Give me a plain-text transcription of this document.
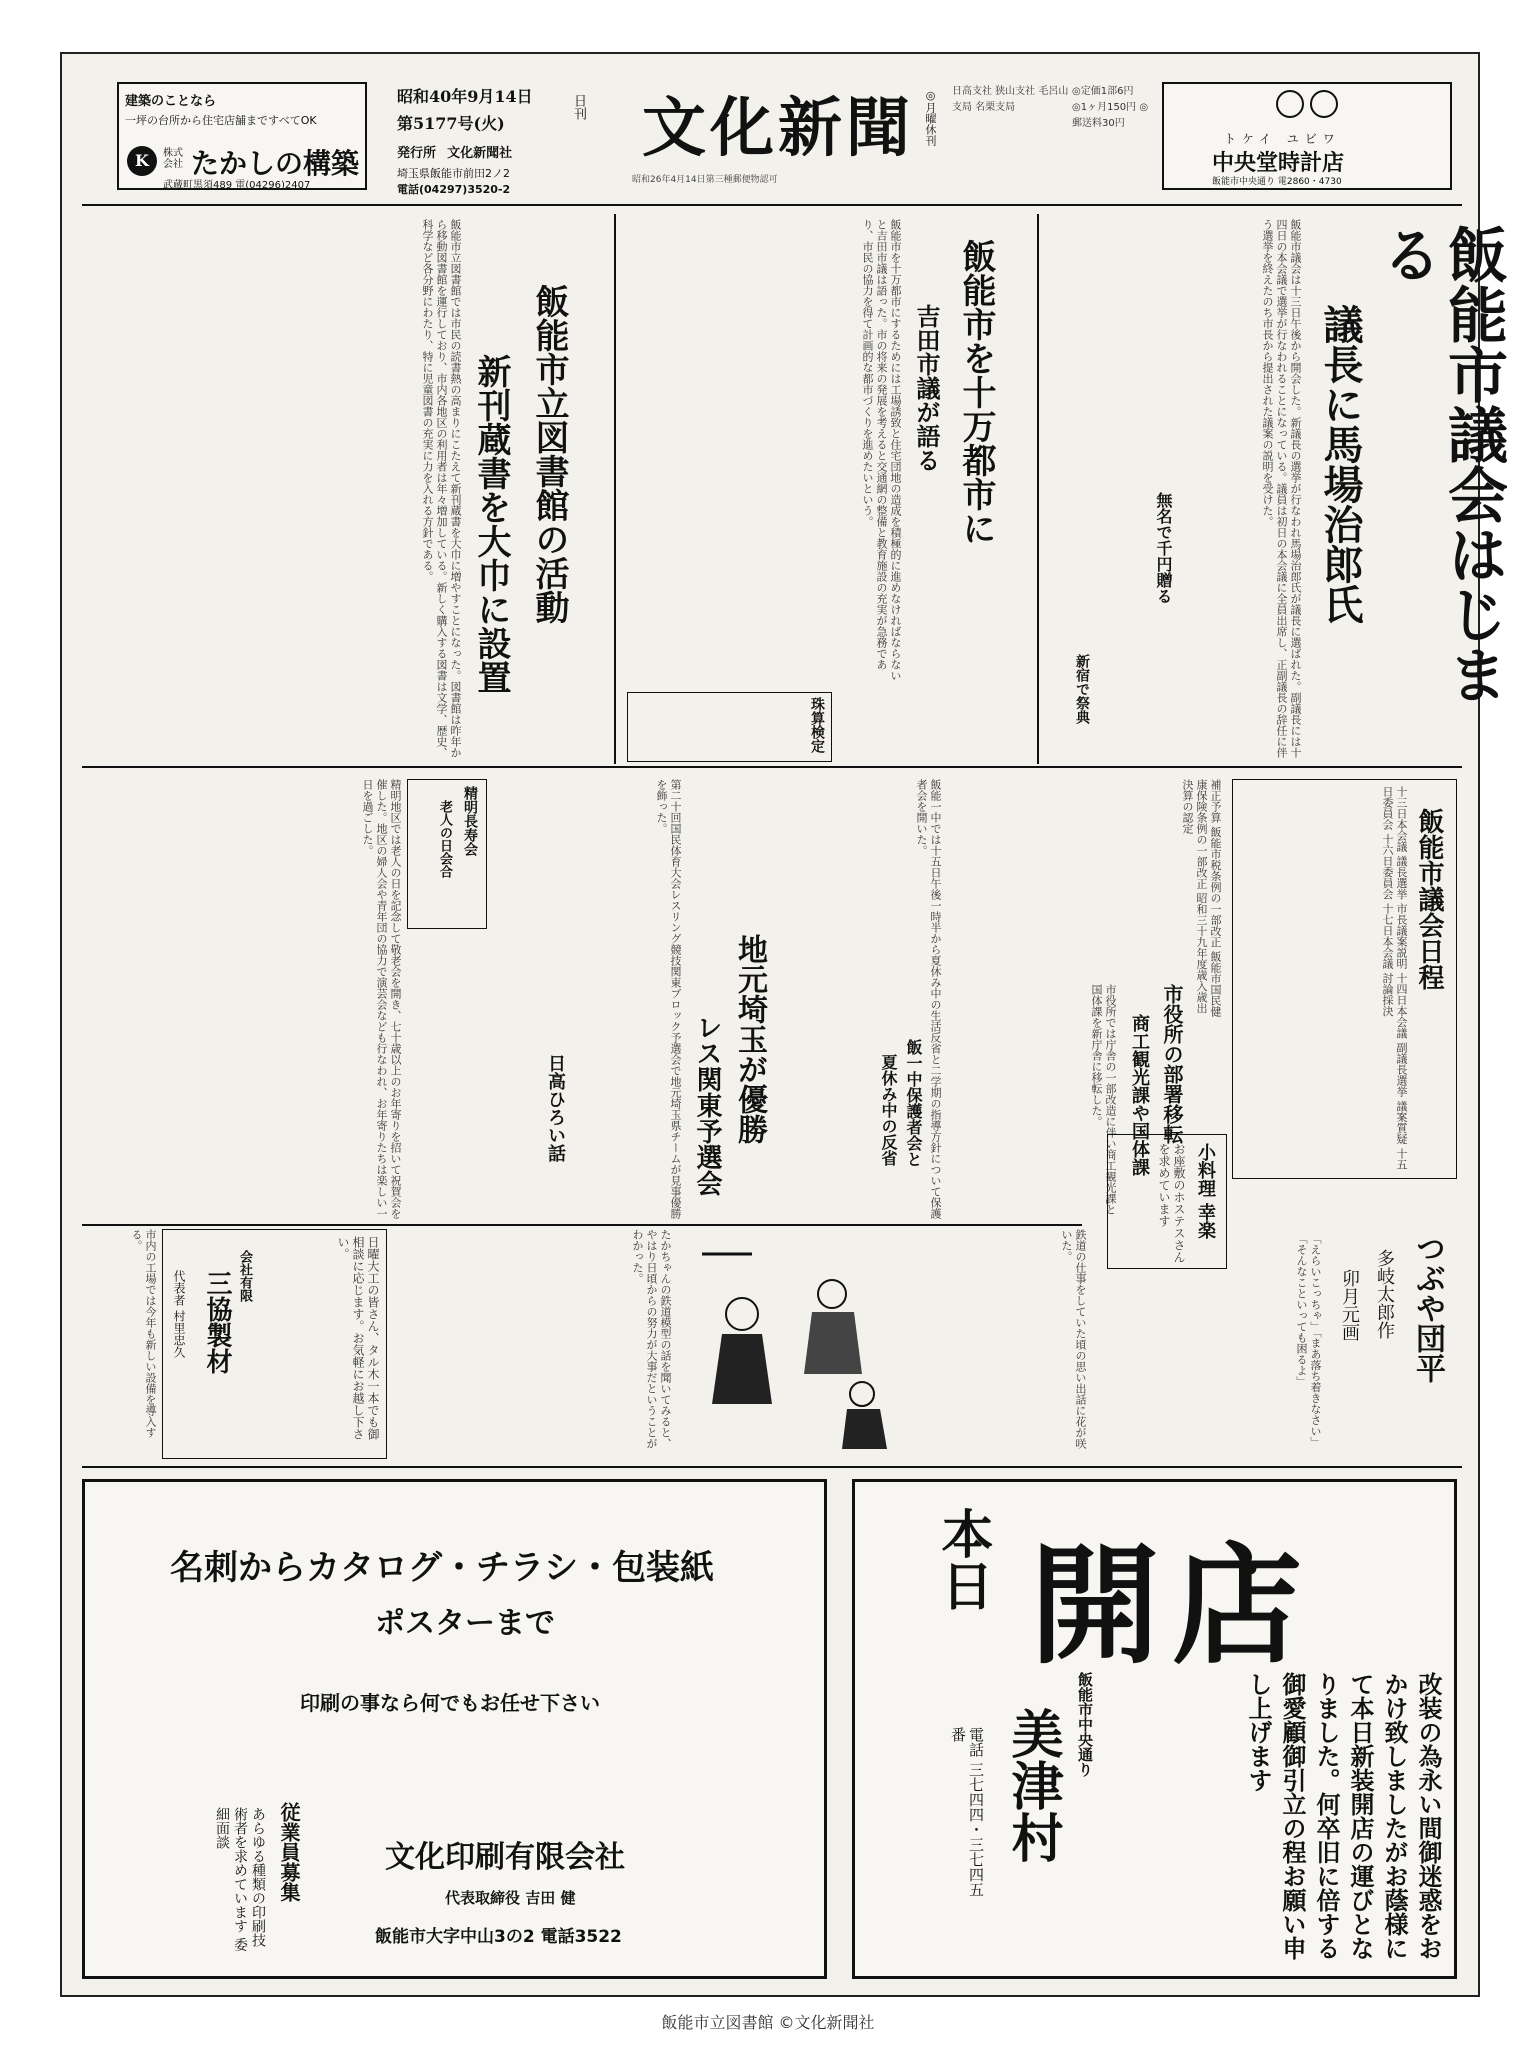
建築のことなら
一坪の台所から住宅店舗まですべてOK
K	株式会社 たかしの構築
武蔵町黒須489 電(04296)2407
昭和40年9月14日
第5177号(火)
発行所 文化新聞社
埼玉県飯能市前田2ノ2
電話(04297)3520-2
日刊 文化新聞
昭和26年4月14日第三種郵便物認可
◎月曜休刊 日高支社 狭山支社 毛呂山支局 名栗支局
◎定価1部6円 ◎1ヶ月150円 ◎郵送料30円
トケイ ユビワ
中央堂時計店
飯能市中央通り 電2860・4730
飯能市議会はじまる
議長に馬場治郎氏
飯能市議会は十三日午後から開会した。新議長の選挙が行なわれ馬場治郎氏が議長に選ばれた。副議長には十四日の本会議で選挙が行なわれることになっている。議員は初日の本会議に全員出席し、正副議長の辞任に伴う選挙を終えたのち市長から提出された議案の説明を受けた。
無名で千円贈る
新宿で祭典
飯能市を十万都市に
吉田市議が語る
飯能市を十万都市にするためには工場誘致と住宅団地の造成を積極的に進めなければならないと吉田市議は語った。市の将来の発展を考えると交通網の整備と教育施設の充実が急務であり、市民の協力を得て計画的な都市づくりを進めたいという。
珠算検定
飯能市立図書館の活動
新刊蔵書を大巾に設置
飯能市立図書館では市民の読書熱の高まりにこたえて新刊蔵書を大巾に増やすことになった。図書館は昨年から移動図書館を運行しており、市内各地区の利用者は年々増加している。新しく購入する図書は文学、歴史、科学など各分野にわたり、特に児童図書の充実に力を入れる方針である。
飯能市議会日程
十三日本会議 議長選挙 市長議案説明 十四日本会議 副議長選挙 議案質疑 十五日委員会 十六日委員会 十七日本会議 討論採決
補正予算 飯能市税条例の一部改正 飯能市国民健康保険条例の一部改正 昭和三十九年度歳入歳出決算の認定
市役所の部署移転
商工観光課や国体課
市役所では庁舎の一部改造に伴い商工観光課と国体課を新庁舎に移転した。
小料理 幸楽
お座敷のホステスさんを求めています
飯能一中では十五日午後一時半から夏休み中の生活反省と二学期の指導方針について保護者会を開いた。
飯一中保護者会と
夏休み中の反省
地元埼玉が優勝
レス関東予選会
第二十回国民体育大会レスリング競技関東ブロック予選会で地元埼玉県チームが見事優勝を飾った。
精明長寿会
老人の日会合
精明地区では老人の日を記念して敬老会を開き、七十歳以上のお年寄りを招いて祝賀会を催した。地区の婦人会や青年団の協力で演芸会なども行なわれ、お年寄りたちは楽しい一日を過ごした。
日高ひろい話
つぶや団平
多岐太郎作
卯月元画
「えらいこっちゃ」「まあ落ち着きなさい」「そんなこといっても困るよ」
たかちゃんの鉄道模型の話を聞いてみると、やはり日頃からの努力が大事だということがわかった。	鉄道の仕事をしていた頃の思い出話に花が咲いた。
日曜大工の皆さん、タル木一本でも御相談に応じます。お気軽にお越し下さい。
会社有限
三協製材
代表者 村里忠久
市内の工場では今年も新しい設備を導入する。
名刺からカタログ・チラシ・包装紙
ポスターまで
印刷の事なら何でもお任せ下さい
文化印刷有限会社
代表取締役 吉田 健
飯能市大字中山3の2 電話3522
従業員募集
あらゆる種類の印刷技術者を求めています 委細面談
本日 開店
改装の為永い間御迷惑をおかけ致しましたがお蔭様にて本日新装開店の運びとなりました。何卒旧に倍する御愛顧御引立の程お願い申し上げます
飯能市中央通り
美津村
電話 三七四四・三七四五番
飯能市立図書館 ©文化新聞社
